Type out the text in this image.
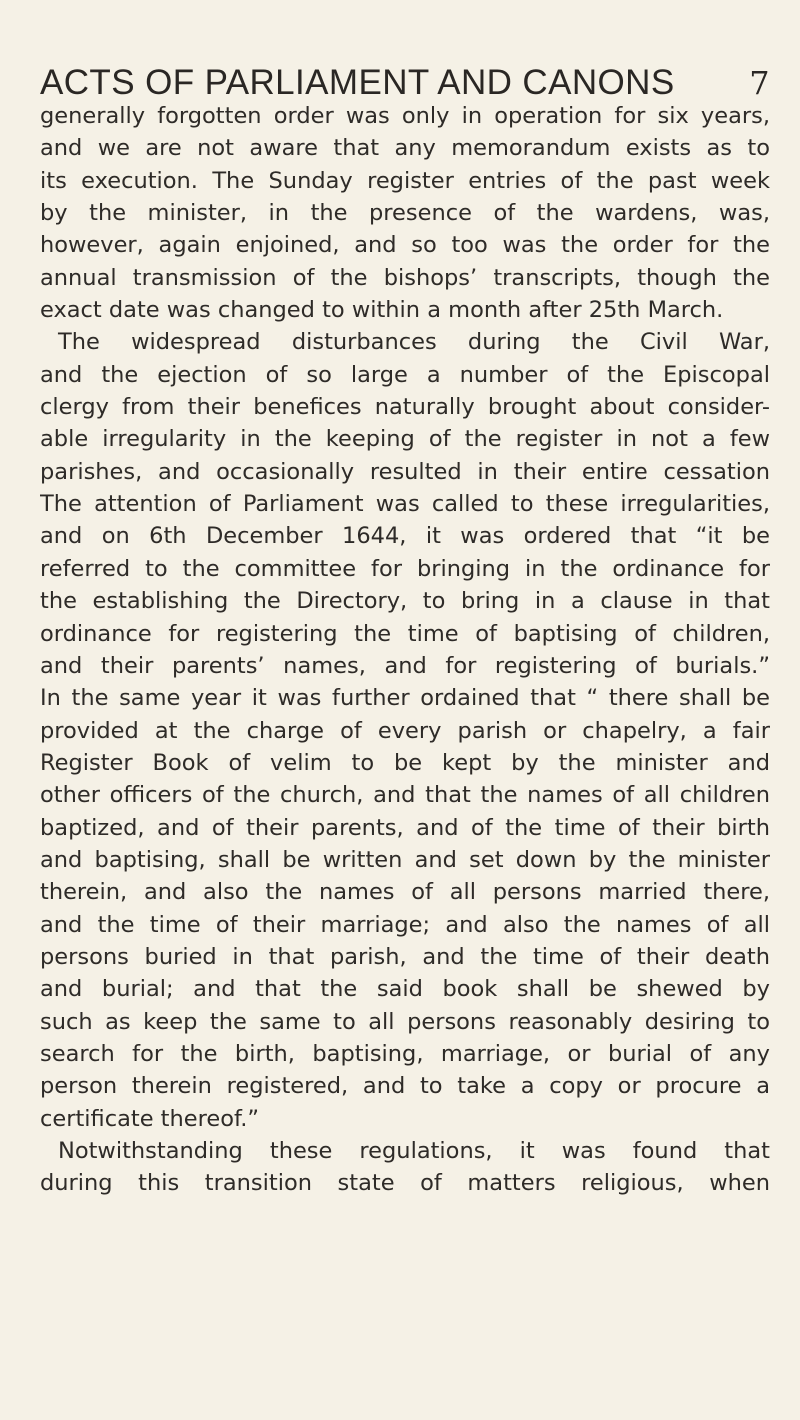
ACTS OF PARLIAMENT AND CANONS 7
generally forgotten order was only in operation for six years,
and we are not aware that any memorandum exists as to
its execution. The Sunday register entries of the past week
by the minister, in the presence of the wardens, was,
however, again enjoined, and so too was the order for the
annual transmission of the bishops’ transcripts, though the
exact date was changed to within a month after 25th March.
The widespread disturbances during the Civil War,
and the ejection of so large a number of the Episcopal
clergy from their benefices naturally brought about consider-
able irregularity in the keeping of the register in not a few
parishes, and occasionally resulted in their entire cessation
The attention of Parliament was called to these irregularities,
and on 6th December 1644, it was ordered that “it be
referred to the committee for bringing in the ordinance for
the establishing the Directory, to bring in a clause in that
ordinance for registering the time of baptising of children,
and their parents’ names, and for registering of burials.”
In the same year it was further ordained that “ there shall be
provided at the charge of every parish or chapelry, a fair
Register Book of velim to be kept by the minister and
other officers of the church, and that the names of all children
baptized, and of their parents, and of the time of their birth
and baptising, shall be written and set down by the minister
therein, and also the names of all persons married there,
and the time of their marriage; and also the names of all
persons buried in that parish, and the time of their death
and burial; and that the said book shall be shewed by
such as keep the same to all persons reasonably desiring to
search for the birth, baptising, marriage, or burial of any
person therein registered, and to take a copy or procure a
certificate thereof.”
Notwithstanding these regulations, it was found that
during this transition state of matters religious, when
